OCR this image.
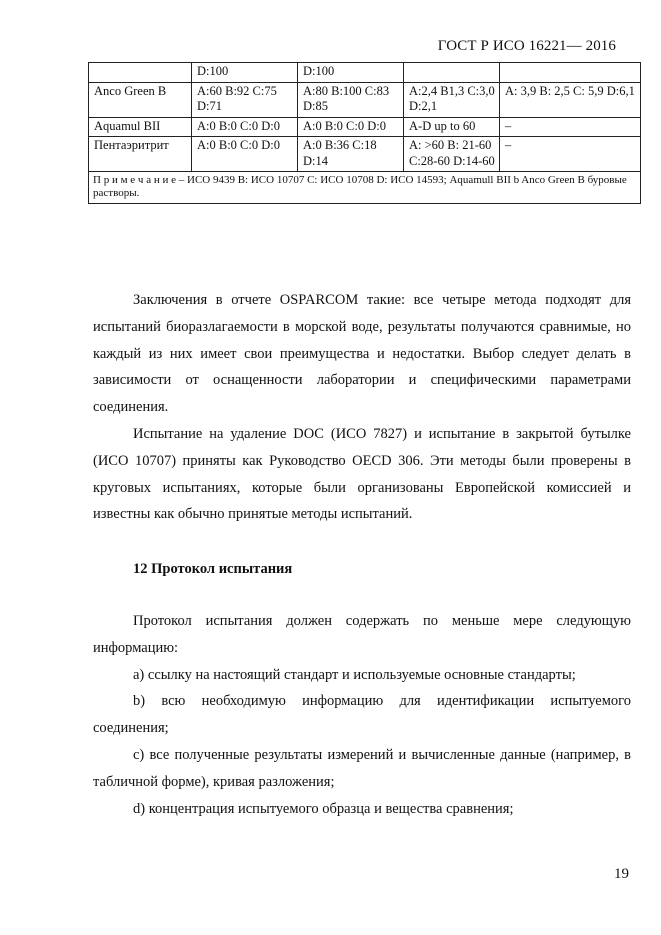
ГОСТ Р ИСО 16221— 2016
	D:100	D:100		
Anco Green B	A:60 B:92 C:75 D:71	A:80 B:100 C:83 D:85	A:2,4 B1,3 C:3,0 D:2,1	A: 3,9 B: 2,5 C: 5,9 D:6,1
Aquamul BII	A:0 B:0 C:0 D:0	A:0 B:0 C:0 D:0	A-D up to 60	–
Пентаэритрит	A:0 B:0 C:0 D:0	A:0 B:36 C:18 D:14	A: >60 B: 21-60 C:28-60 D:14-60	–
П р и м е ч а н и е – ИСО 9439 B: ИСО 10707 C: ИСО 10708 D: ИСО 14593; Aquamull BII b Anco Green B буровые растворы.				

Заключения в отчете OSPARCOM такие: все четыре метода подходят для испытаний биоразлагаемости в морской воде, результаты получаются сравнимые, но каждый из них имеет свои преимущества и недостатки. Выбор следует делать в зависимости от оснащенности лаборатории и специфическими параметрами соединения.

Испытание на удаление DOC (ИСО 7827) и испытание в закрытой бутылке (ИСО 10707) приняты как Руководство OECD 306. Эти методы были проверены в круговых испытаниях, которые были организованы Европейской комиссией и известны как обычно принятые методы испытаний.

12 Протокол испытания

Протокол испытания должен содержать по меньше мере следующую информацию:

a) ссылку на настоящий стандарт и используемые основные стандарты;

b) всю необходимую информацию для идентификации испытуемого соединения;

c) все полученные результаты измерений и вычисленные данные (например, в табличной форме), кривая разложения;

d) концентрация испытуемого образца и вещества сравнения;

19
